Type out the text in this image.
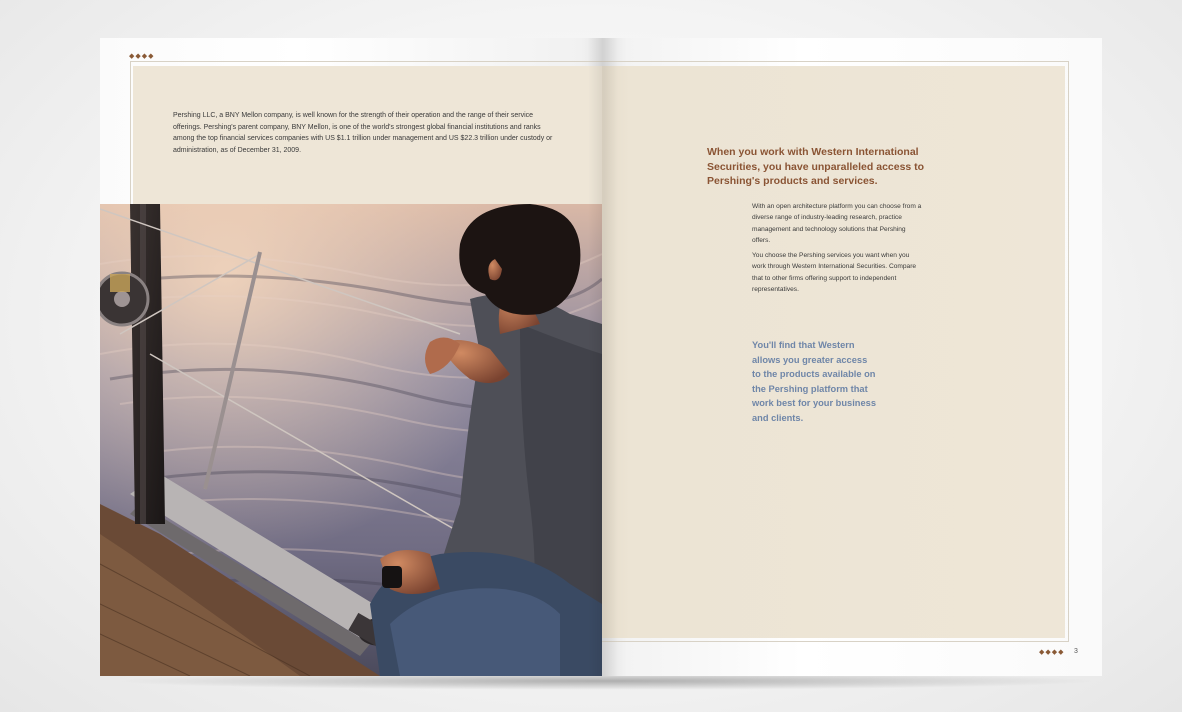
◆◆◆◆

Pershing LLC, a BNY Mellon company, is well known for the strength of their operation and the range of their service offerings. Pershing's parent company, BNY Mellon, is one of the world's strongest global financial institutions and ranks among the top financial services companies with US $1.1 trillion under management and US $22.3 trillion under custody or administration, as of December 31, 2009.	When you work with Western International Securities, you have unparalleled access to Pershing's products and services.

With an open architecture platform you can choose from a diverse range of industry-leading research, practice management and technology solutions that Pershing offers.

You choose the Pershing services you want when you work through Western International Securities. Compare that to other firms offering support to independent representatives.

You'll find that Western allows you greater access to the products available on the Pershing platform that work best for your business and clients.

◆◆◆◆ 3
